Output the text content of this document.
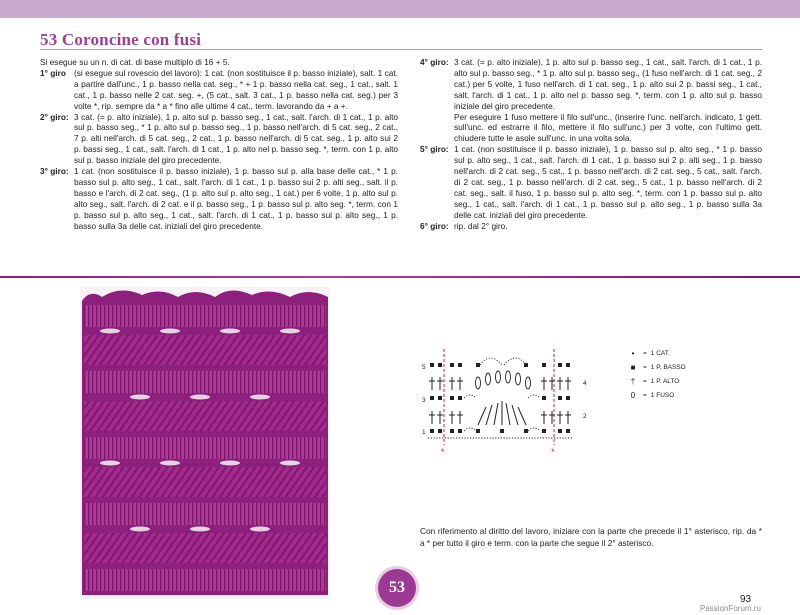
53 Coroncine con fusi
Si esegue su un n. di cat. di base multiplo di 16 + 5.
1° giro (si esegue sul rovescio del lavoro): 1 cat. (non sostituisce il p. basso iniziale), salt. 1 cat. a partire dall'unc., 1 p. basso nella cat. seg., * + 1 p. basso nella cat. seg., 1 cat., salt. 1 cat., 1 p. basso nelle 2 cat. seg. +, (5 cat., salt. 3 cat., 1 p. basso nella cat. seg.) per 3 volte *, rip. sempre da * a * fino alle ultime 4 cat., term. lavorando da + a +.
2° giro: 3 cat. (= p. alto iniziale), 1 p. alto sul p. basso seg., 1 cat., salt. l'arch. di 1 cat., 1 p. alto sul p. basso seg., * 1 p. alto sul p. basso seg., 1 p. basso nell'arch. di 5 cat. seg., 2 cat., 7 p. alti nell'arch. di 5 cat. seg., 2 cat., 1 p. basso nell'arch. di 5 cat. seg., 1 p. alto sui 2 p. bassi seg., 1 cat., salt. l'arch. di 1 cat., 1 p. alto nel p. basso seg. *, term. con 1 p. alto sul p. basso iniziale del giro precedente.
3° giro: 1 cat. (non sostituisce il p. basso iniziale), 1 p. basso sul p. alla base delle cat., * 1 p. basso sul p. alto seg., 1 cat., salt. l'arch. di 1 cat., 1 p. basso sui 2 p. alti seg., salt. il p. basso e l'arch. di 2 cat. seg., (1 p. alto sul p. alto seg., 1 cat.) per 6 volte, 1 p. alto sul p. alto seg., salt. l'arch. di 2 cat. e il p. basso seg., 1 p. basso sul p. alto seg. *, term. con 1 p. basso sul p. alto seg., 1 cat., salt. l'arch. di 1 cat., 1 p. basso sul p. alto seg., 1 p. basso sulla 3a delle cat. iniziali del giro precedente.
4° giro: 3 cat. (= p. alto iniziale), 1 p. alto sul p. basso seg., 1 cat., salt. l'arch. di 1 cat., 1 p. alto sul p. basso seg., * 1 p. alto sul p. basso seg., (1 fuso nell'arch. di 1 cat. seg., 2 cat.) per 5 volte, 1 fuso nell'arch. di 1 cat. seg., 1 p. alto sui 2 p. bassi seg., 1 cat., salt. l'arch. di 1 cat., 1 p. alto nel p. basso seg. *, term. con 1 p. alto sul p. basso iniziale del giro precedente.
Per eseguire 1 fuso mettere il filo sull'unc., (inserire l'unc. nell'arch. indicato, 1 gett. sull'unc. ed estrarre il filo, mettere il filo sull'unc.) per 3 volte, con l'ultimo gett. chiudere tutte le asole sull'unc. in una volta sola.
5° giro: 1 cat. (non sostituisce il p. basso iniziale), 1 p. basso sul p. alto seg., * 1 p. basso sul p. alto seg., 1 cat., salt. l'arch. di 1 cat., 1 p. basso sui 2 p. alti seg., 1 p. basso nell'arch. di 2 cat. seg., 5 cat., 1 p. basso nell'arch. di 2 cat. seg., 5 cat., salt. l'arch. di 2 cat. seg., 1 p. basso nell'arch. di 2 cat. seg., 5 cat., 1 p. basso nell'arch. di 2 cat. seg., salt. il fuso, 1 p. basso sul p. alto seg. *, term. con 1 p. basso sul p. alto seg., 1 cat., salt. l'arch. di 1 cat., 1 p. basso sul p. alto seg., 1 p. basso sulla 3a delle cat. iniziali del giro precedente.
6° giro: rip. dal 2° giro.
5
4
3
2
1
*	*
•	= 1 CAT.
■	= 1 P. BASSO
†	= 1 P. ALTO
0	= 1 FUSO
Con riferimento al diritto del lavoro, iniziare con la parte che precede il 1° asterisco, rip. da * a * per tutto il giro e term. con la parte che segue il 2° asterisco.
53
93
PassionForum.ru
